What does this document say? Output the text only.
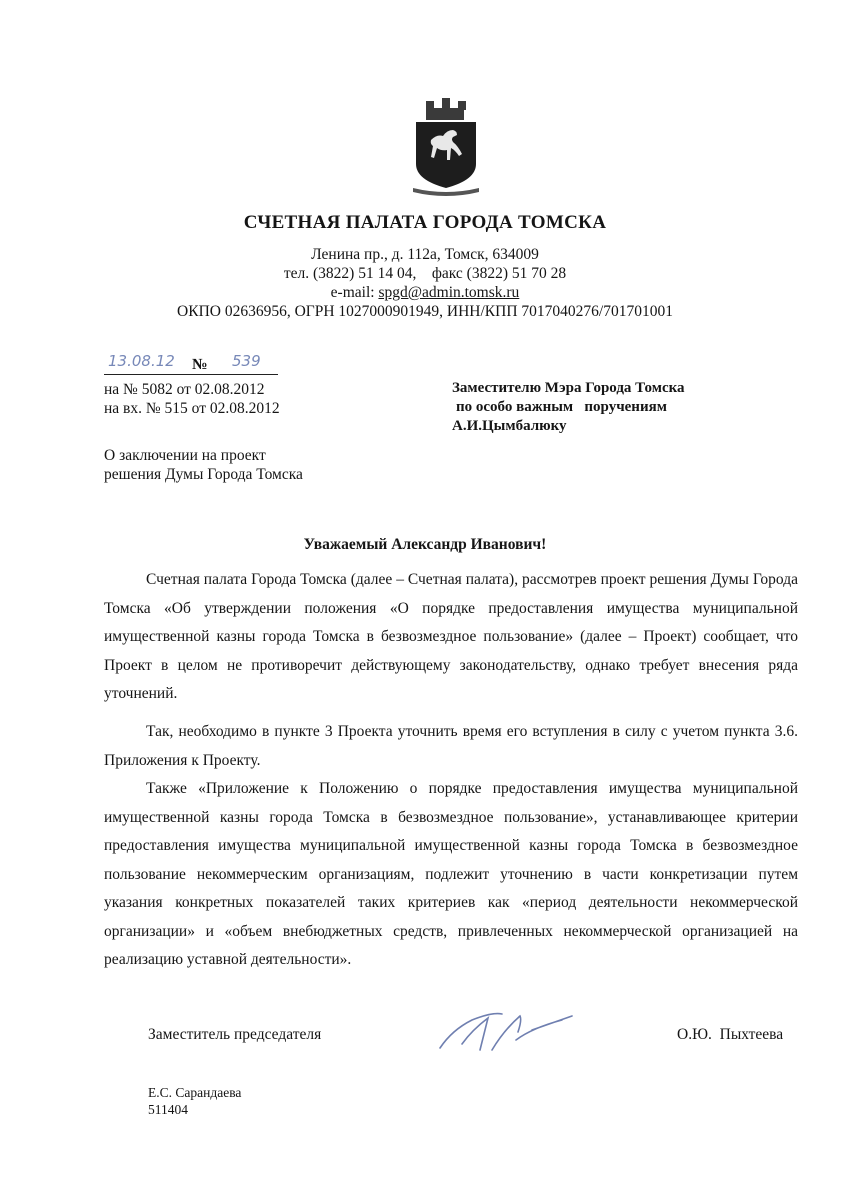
СЧЕТНАЯ ПАЛАТА ГОРОДА ТОМСКА
Ленина пр., д. 112а, Томск, 634009
тел. (3822) 51 14 04,    факс (3822) 51 70 28
e-mail: spgd@admin.tomsk.ru
ОКПО 02636956, ОГРН 1027000901949, ИНН/КПП 7017040276/701701001
13.08.12 № 539
на № 5082 от 02.08.2012
на вх. № 515 от 02.08.2012
О заключении на проект
решения Думы Города Томска
Заместителю Мэра Города Томска
по особо важным   поручениям
А.И.Цымбалюку
Уважаемый Александр Иванович!

Счетная палата Города Томска (далее – Счетная палата), рассмотрев проект решения Думы Города Томска «Об утверждении положения «О порядке предоставления имущества муниципальной имущественной казны города Томска в безвозмездное пользование» (далее – Проект) сообщает, что Проект в целом не противоречит действующему законодательству, однако требует внесения ряда уточнений.

Так, необходимо в пункте 3 Проекта уточнить время его вступления в силу с учетом пункта 3.6. Приложения к Проекту.

Также «Приложение к Положению о порядке предоставления имущества муниципальной имущественной казны города Томска в безвозмездное пользование», устанавливающее критерии предоставления имущества муниципальной имущественной казны города Томска в безвозмездное пользование некоммерческим организациям, подлежит уточнению в части конкретизации путем указания конкретных показателей таких критериев как «период деятельности некоммерческой организации» и «объем внебюджетных средств, привлеченных некоммерческой организацией на реализацию уставной деятельности».

Заместитель председателя	О.Ю.  Пыхтеева
Е.С. Сарандаева
511404
